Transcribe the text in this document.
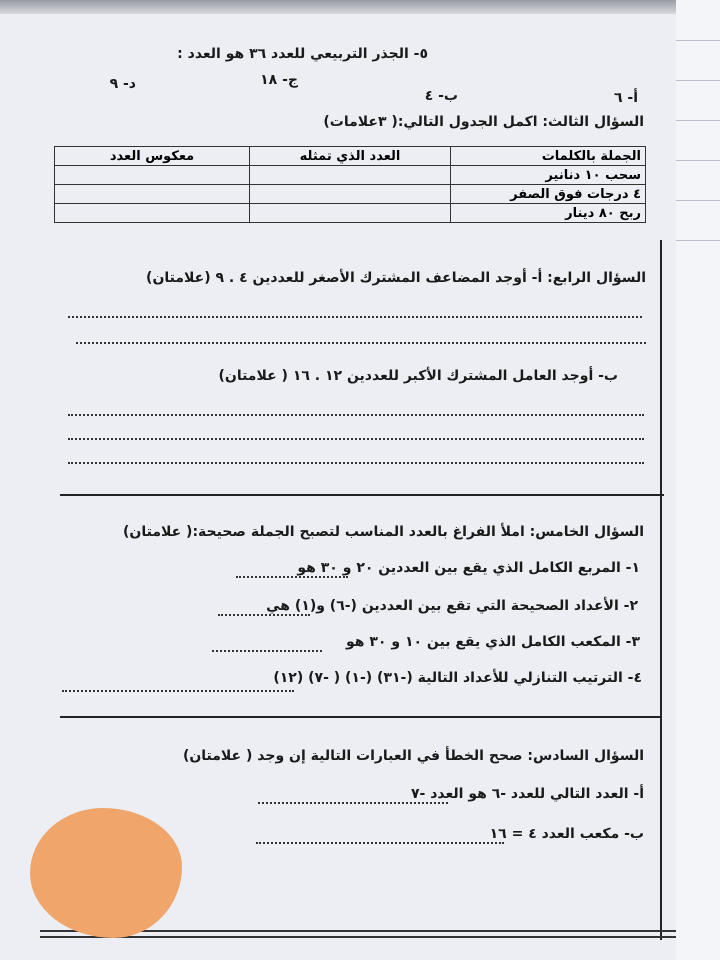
٥- الجذر التربيعي للعدد ٣٦ هو العدد :
أ- ٦
ب- ٤
ج- ١٨
د- ٩
السؤال الثالث: اكمل الجدول التالي:( ٣علامات)
الجملة بالكلمات	العدد الذي تمثله	معكوس العدد
سحب ١٠ دنانير		
٤ درجات فوق الصفر		
ربح ٨٠ دينار		
السؤال الرابع: أ- أوجد المضاعف المشترك الأصغر للعددين ٤ . ٩ (علامتان)
ب- أوجد العامل المشترك الأكبر للعددين ١٢ . ١٦ ( علامتان)
السؤال الخامس: املأ الفراغ بالعدد المناسب لتصبح الجملة صحيحة:( علامتان)
١- المربع الكامل الذي يقع بين العددين ٢٠ و ٣٠ هو
٢- الأعداد الصحيحة التي تقع بين العددين (-٦) و(١) هي
٣- المكعب الكامل الذي يقع بين ١٠ و ٣٠ هو
٤- الترتيب التنازلي للأعداد التالية (-٣١) (-١) ( -٧) (١٢)
السؤال السادس: صحح الخطأ في العبارات التالية إن وجد ( علامتان)
أ- العدد التالي للعدد -٦ هو العدد -٧
ب- مكعب العدد ٤ = ١٦
